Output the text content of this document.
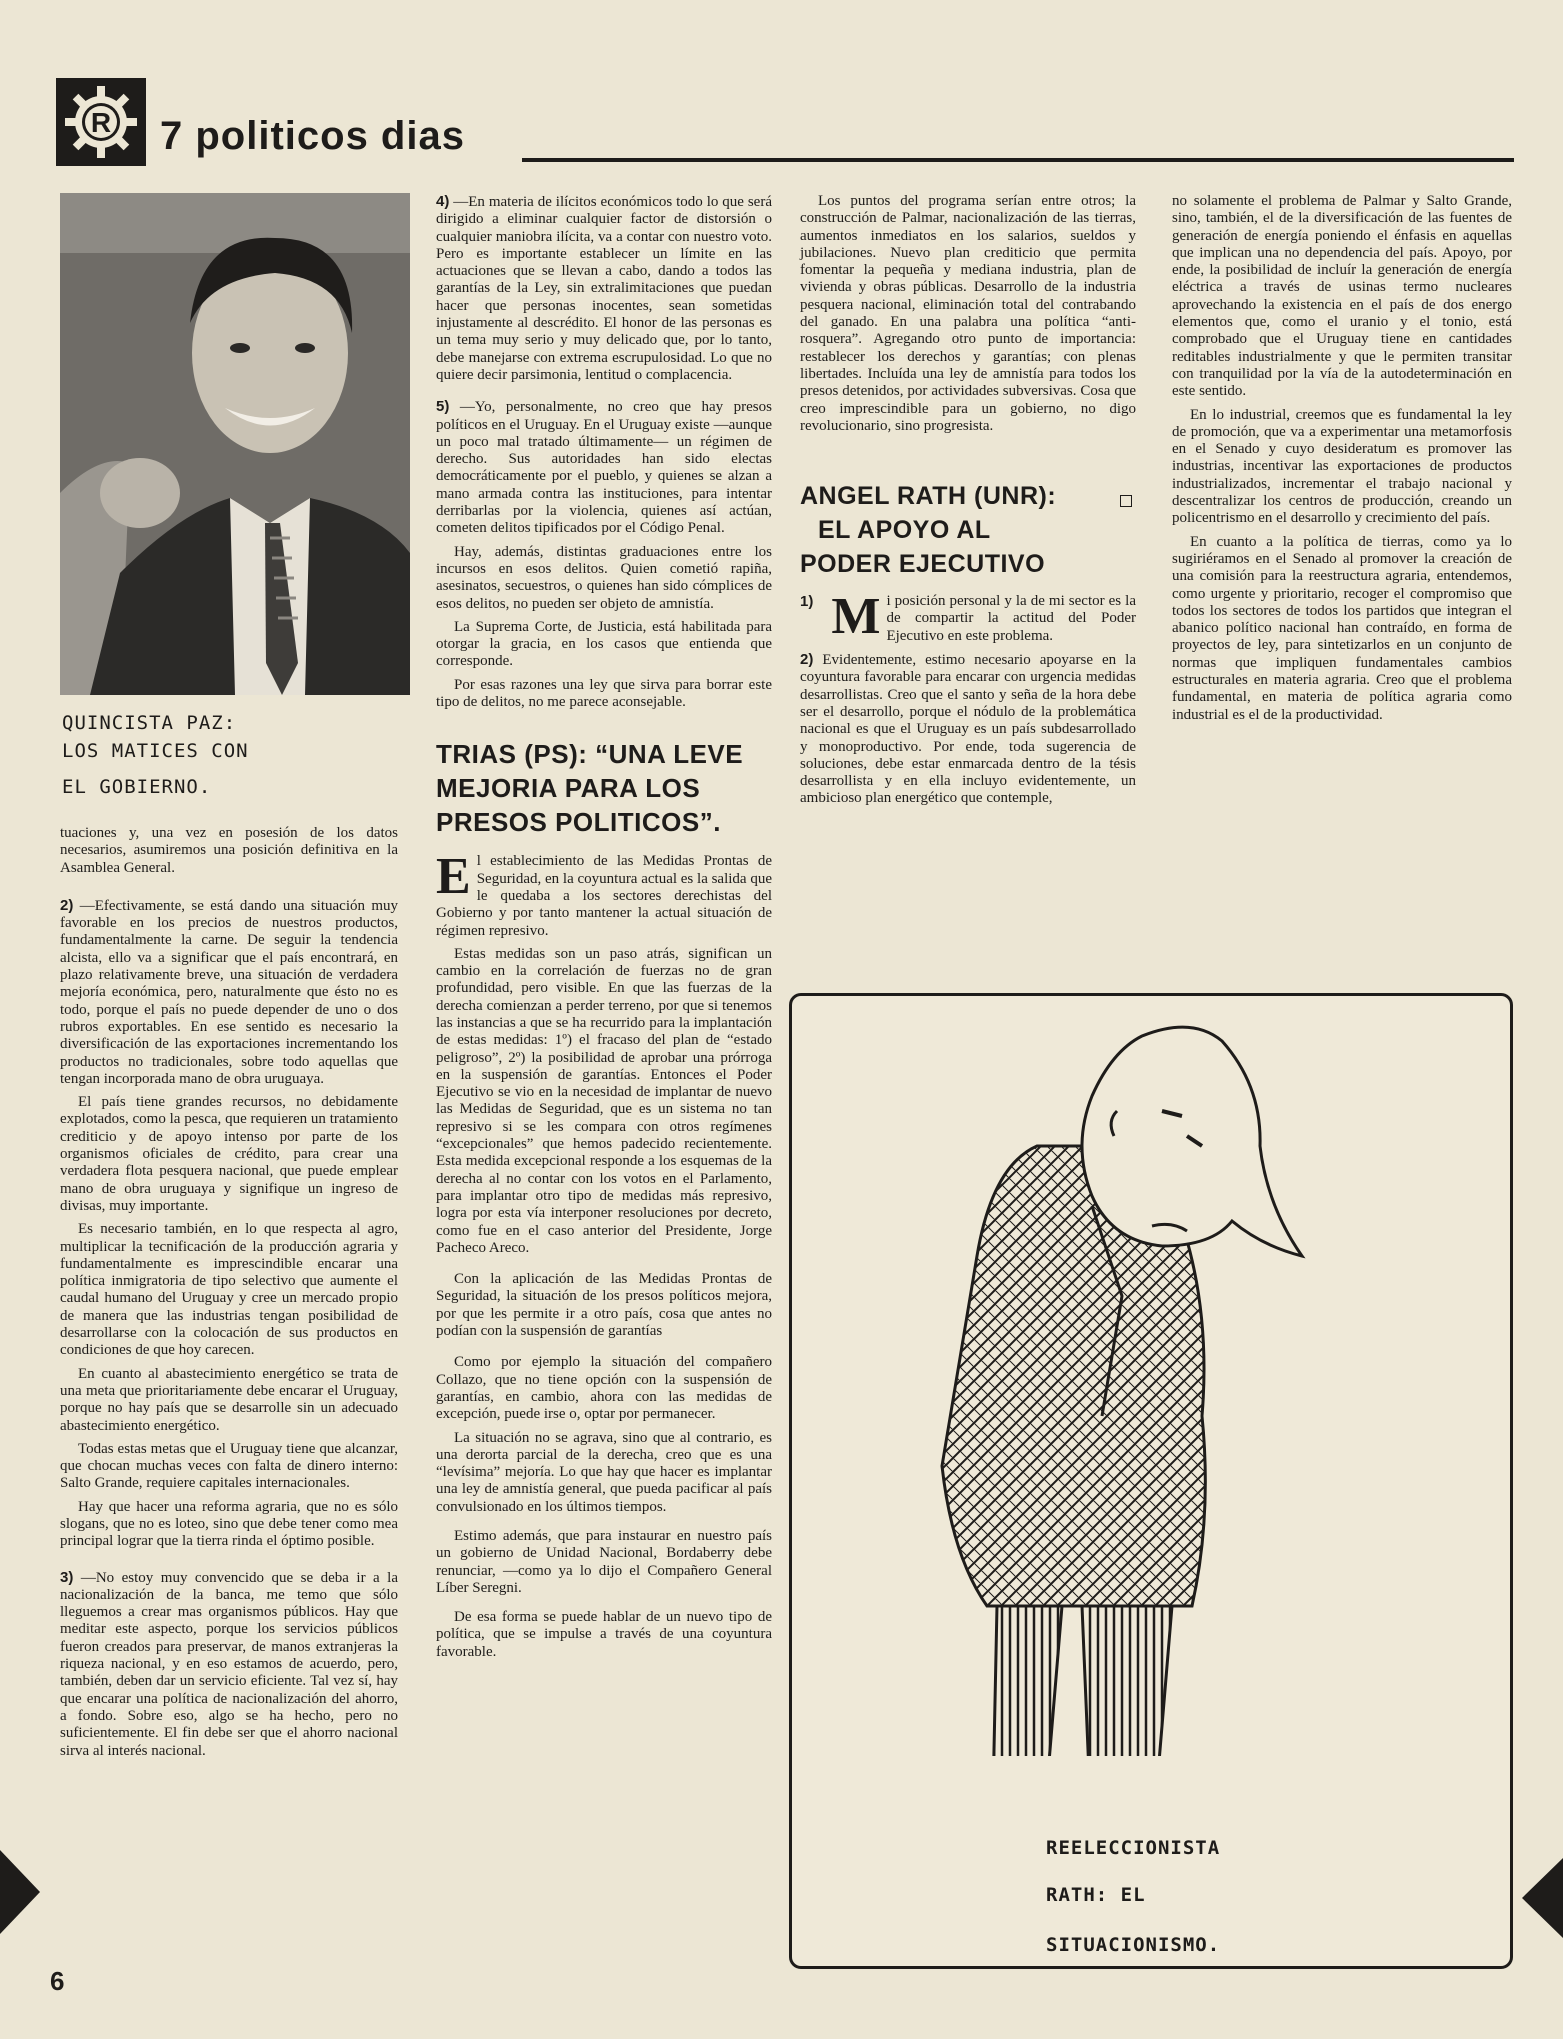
R 7 politicos dias
QUINCISTA PAZ:
LOS MATICES CON
EL GOBIERNO.

tuaciones y, una vez en posesión de los datos necesarios, asumiremos una posición definitiva en la Asamblea General.

2) —Efectivamente, se está dando una situación muy favorable en los precios de nuestros productos, fundamentalmente la carne. De seguir la tendencia alcista, ello va a significar que el país encontrará, en plazo relativamente breve, una situación de verdadera mejoría económica, pero, naturalmente que ésto no es todo, porque el país no puede depender de uno o dos rubros exportables. En ese sentido es necesario la diversificación de las exportaciones incrementando los productos no tradicionales, sobre todo aquellas que tengan incorporada mano de obra uruguaya.

El país tiene grandes recursos, no debidamente explotados, como la pesca, que requieren un tratamiento crediticio y de apoyo intenso por parte de los organismos oficiales de crédito, para crear una verdadera flota pesquera nacional, que puede emplear mano de obra uruguaya y signifique un ingreso de divisas, muy importante.

Es necesario también, en lo que respecta al agro, multiplicar la tecnificación de la producción agraria y fundamentalmente es imprescindible encarar una política inmigratoria de tipo selectivo que aumente el caudal humano del Uruguay y cree un mercado propio de manera que las industrias tengan posibilidad de desarrollarse con la colocación de sus productos en condiciones de que hoy carecen.

En cuanto al abastecimiento energético se trata de una meta que prioritariamente debe encarar el Uruguay, porque no hay país que se desarrolle sin un adecuado abastecimiento energético.

Todas estas metas que el Uruguay tiene que alcanzar, que chocan muchas veces con falta de dinero interno: Salto Grande, requiere capitales internacionales.

Hay que hacer una reforma agraria, que no es sólo slogans, que no es loteo, sino que debe tener como mea principal lograr que la tierra rinda el óptimo posible.

3) —No estoy muy convencido que se deba ir a la nacionalización de la banca, me temo que sólo lleguemos a crear mas organismos públicos. Hay que meditar este aspecto, porque los servicios públicos fueron creados para preservar, de manos extranjeras la riqueza nacional, y en eso estamos de acuerdo, pero, también, deben dar un servicio eficiente. Tal vez sí, hay que encarar una política de nacionalización del ahorro, a fondo. Sobre eso, algo se ha hecho, pero no suficientemente. El fin debe ser que el ahorro nacional sirva al interés nacional.

4) —En materia de ilícitos económicos todo lo que será dirigido a eliminar cualquier factor de distorsión o cualquier maniobra ilícita, va a contar con nuestro voto. Pero es importante establecer un límite en las actuaciones que se llevan a cabo, dando a todos las garantías de la Ley, sin extralimitaciones que puedan hacer que personas inocentes, sean sometidas injustamente al descrédito. El honor de las personas es un tema muy serio y muy delicado que, por lo tanto, debe manejarse con extrema escrupulosidad. Lo que no quiere decir parsimonia, lentitud o complacencia.

5) —Yo, personalmente, no creo que hay presos políticos en el Uruguay. En el Uruguay existe —aunque un poco mal tratado últimamente— un régimen de derecho. Sus autoridades han sido electas democráticamente por el pueblo, y quienes se alzan a mano armada contra las instituciones, para intentar derribarlas por la violencia, quienes así actúan, cometen delitos tipificados por el Código Penal.

Hay, además, distintas graduaciones entre los incursos en esos delitos. Quien cometió rapiña, asesinatos, secuestros, o quienes han sido cómplices de esos delitos, no pueden ser objeto de amnistía.

La Suprema Corte, de Justicia, está habilitada para otorgar la gracia, en los casos que entienda que corresponde.

Por esas razones una ley que sirva para borrar este tipo de delitos, no me parece aconsejable.

TRIAS (PS): “UNA LEVE
MEJORIA PARA LOS
PRESOS POLITICOS”.

El establecimiento de las Medidas Prontas de Seguridad, en la coyuntura actual es la salida que le quedaba a los sectores derechistas del Gobierno y por tanto mantener la actual situación de régimen represivo.

Estas medidas son un paso atrás, significan un cambio en la correlación de fuerzas no de gran profundidad, pero visible. En que las fuerzas de la derecha comienzan a perder terreno, por que si tenemos las instancias a que se ha recurrido para la implantación de estas medidas: 1º) el fracaso del plan de “estado peligroso”, 2º) la posibilidad de aprobar una prórroga en la suspensión de garantías. Entonces el Poder Ejecutivo se vio en la necesidad de implantar de nuevo las Medidas de Seguridad, que es un sistema no tan represivo si se les compara con otros regímenes “excepcionales” que hemos padecido recientemente. Esta medida excepcional responde a los esquemas de la derecha al no contar con los votos en el Parlamento, para implantar otro tipo de medidas más represivo, logra por esta vía interponer resoluciones por decreto, como fue en el caso anterior del Presidente, Jorge Pacheco Areco.

Con la aplicación de las Medidas Prontas de Seguridad, la situación de los presos políticos mejora, por que les permite ir a otro país, cosa que antes no podían con la suspensión de garantías

Como por ejemplo la situación del compañero Collazo, que no tiene opción con la suspensión de garantías, en cambio, ahora con las medidas de excepción, puede irse o, optar por permanecer.

La situación no se agrava, sino que al contrario, es una derorta parcial de la derecha, creo que es una “levísima” mejoría. Lo que hay que hacer es implantar una ley de amnistía general, que pueda pacificar al país convulsionado en los últimos tiempos.

Estimo además, que para instaurar en nuestro país un gobierno de Unidad Nacional, Bordaberry debe renunciar, —como ya lo dijo el Compañero General Líber Seregni.

De esa forma se puede hablar de un nuevo tipo de política, que se impulse a través de una coyuntura favorable.

Los puntos del programa serían entre otros; la construcción de Palmar, nacionalización de las tierras, aumentos inmediatos en los salarios, sueldos y jubilaciones. Nuevo plan crediticio que permita fomentar la pequeña y mediana industria, plan de vivienda y obras públicas. Desarrollo de la industria pesquera nacional, eliminación total del contrabando del ganado. En una palabra una política “anti-rosquera”. Agregando otro punto de importancia: restablecer los derechos y garantías; con plenas libertades. Incluída una ley de amnistía para todos los presos detenidos, por actividades subversivas. Cosa que creo imprescindible para un gobierno, no digo revolucionario, sino progresista.

ANGEL RATH (UNR):
EL APOYO AL
PODER EJECUTIVO

1) M i posición personal y la de mi sector es la de compartir la actitud del Poder Ejecutivo en este problema.

2) Evidentemente, estimo necesario apoyarse en la coyuntura favorable para encarar con urgencia medidas desarrollistas. Creo que el santo y seña de la hora debe ser el desarrollo, porque el nódulo de la problemática nacional es que el Uruguay es un país subdesarrollado y monoproductivo. Por ende, toda sugerencia de soluciones, debe estar enmarcada dentro de la tésis desarrollista y en ella incluyo evidentemente, un ambicioso plan energético que contemple,

no solamente el problema de Palmar y Salto Grande, sino, también, el de la diversificación de las fuentes de generación de energía poniendo el énfasis en aquellas que implican una no dependencia del país. Apoyo, por ende, la posibilidad de incluír la generación de energía eléctrica a través de usinas termo nucleares aprovechando la existencia en el país de dos energo elementos que, como el uranio y el tonio, está comprobado que el Uruguay tiene en cantidades reditables industrialmente y que le permiten transitar con tranquilidad por la vía de la autodeterminación en este sentido.

En lo industrial, creemos que es fundamental la ley de promoción, que va a experimentar una metamorfosis en el Senado y cuyo desideratum es promover las industrias, incentivar las exportaciones de productos industrializados, incrementar el trabajo nacional y descentralizar los centros de producción, creando un policentrismo en el desarrollo y crecimiento del país.

En cuanto a la política de tierras, como ya lo sugiriéramos en el Senado al promover la creación de una comisión para la reestructura agraria, entendemos, como urgente y prioritario, recoger el compromiso que todos los sectores de todos los partidos que integran el abanico político nacional han contraído, en forma de proyectos de ley, para sintetizarlos en un conjunto de normas que impliquen fundamentales cambios estructurales en materia agraria. Creo que el problema fundamental, en materia de política agraria como industrial es el de la productividad.

REELECCIONISTA
RATH: EL
SITUACIONISMO.
6
